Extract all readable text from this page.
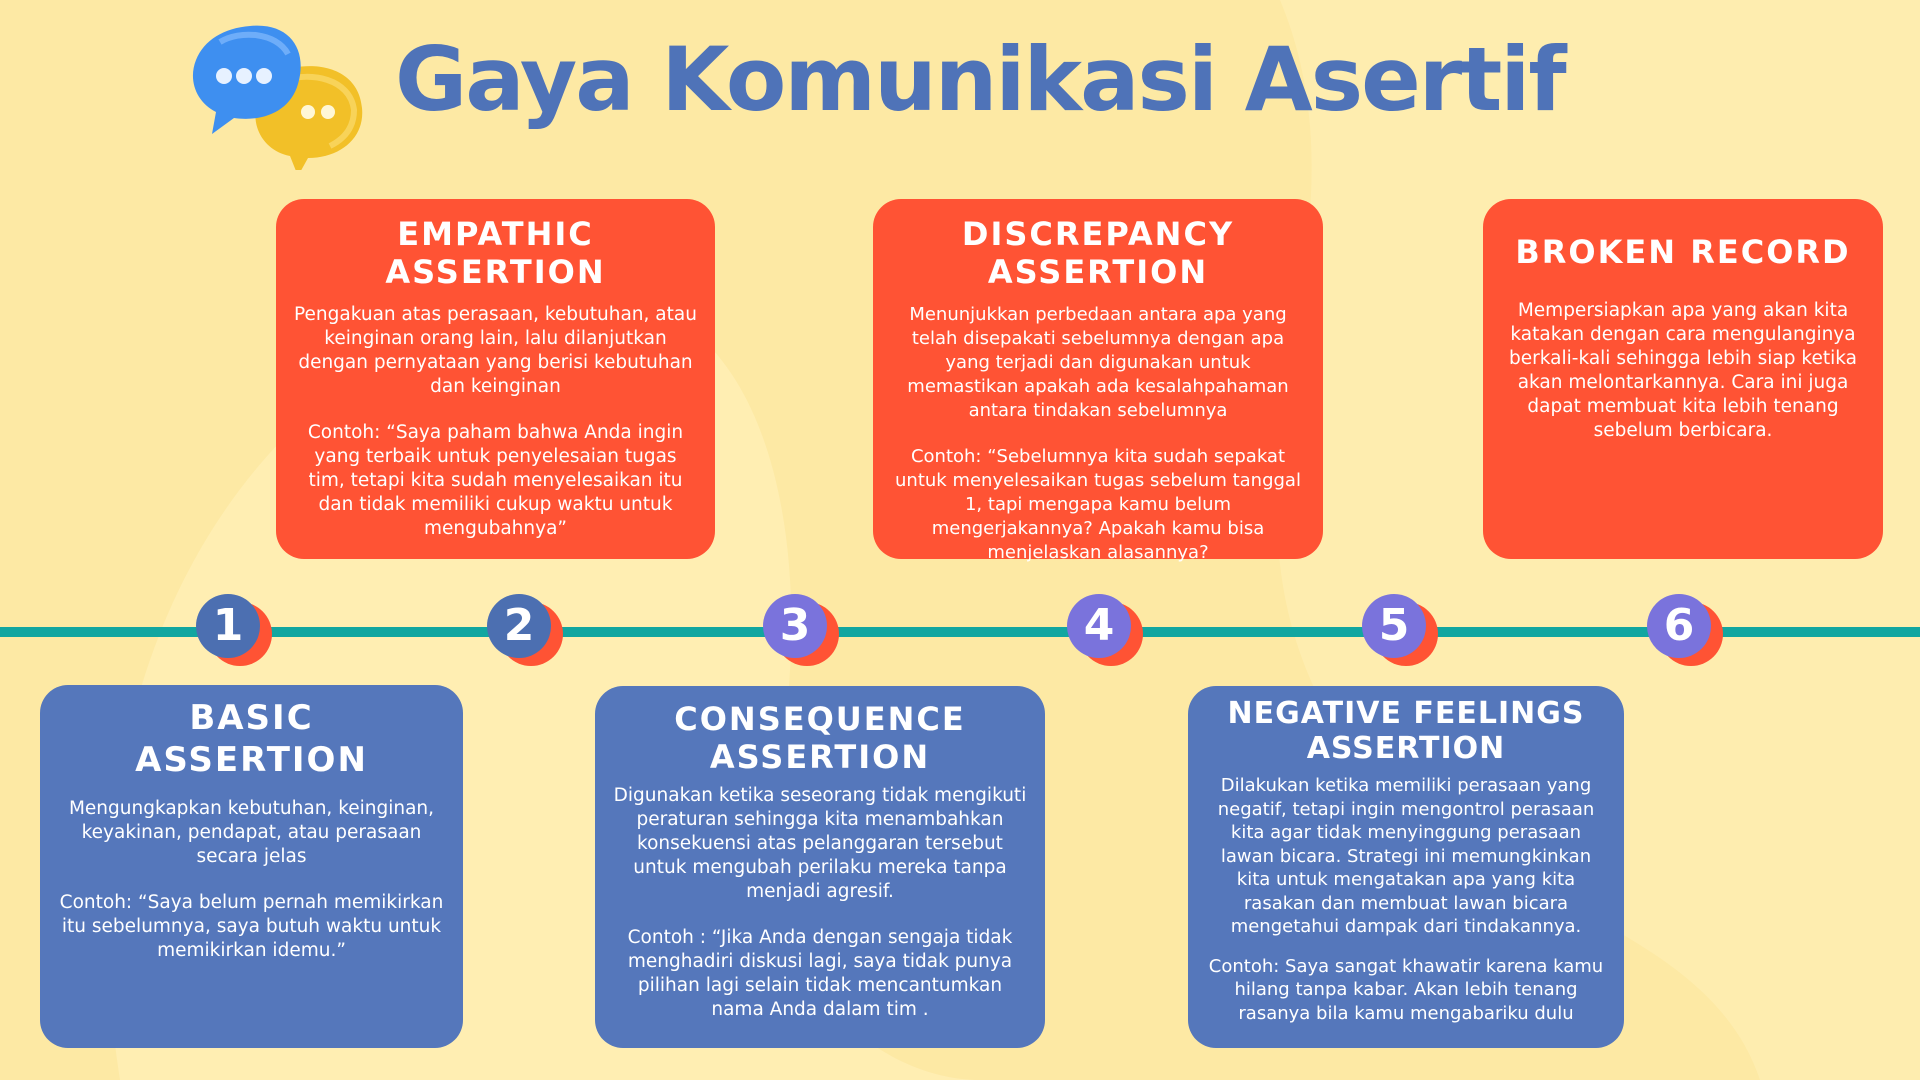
Gaya Komunikasi Asertif
1	2	3	4	5	6
EMPATHIC
ASSERTION

Pengakuan atas perasaan, kebutuhan, atau keinginan orang lain, lalu dilanjutkan dengan pernyataan yang berisi kebutuhan dan keinginan

Contoh: “Saya paham bahwa Anda ingin yang terbaik untuk penyelesaian tugas tim, tetapi kita sudah menyelesaikan itu dan tidak memiliki cukup waktu untuk mengubahnya”

DISCREPANCY
ASSERTION

Menunjukkan perbedaan antara apa yang telah disepakati sebelumnya dengan apa yang terjadi dan digunakan untuk memastikan apakah ada kesalahpahaman antara tindakan sebelumnya

Contoh: “Sebelumnya kita sudah sepakat untuk menyelesaikan tugas sebelum tanggal 1, tapi mengapa kamu belum mengerjakannya? Apakah kamu bisa menjelaskan alasannya?

BROKEN RECORD

Mempersiapkan apa yang akan kita katakan dengan cara mengulanginya berkali-kali sehingga lebih siap ketika akan melontarkannya. Cara ini juga dapat membuat kita lebih tenang sebelum berbicara.

BASIC
ASSERTION

Mengungkapkan kebutuhan, keinginan, keyakinan, pendapat, atau perasaan secara jelas

Contoh: “Saya belum pernah memikirkan itu sebelumnya, saya butuh waktu untuk memikirkan idemu.”

CONSEQUENCE
ASSERTION

Digunakan ketika seseorang tidak mengikuti peraturan sehingga kita menambahkan konsekuensi atas pelanggaran tersebut untuk mengubah perilaku mereka tanpa menjadi agresif.

Contoh : “Jika Anda dengan sengaja tidak menghadiri diskusi lagi, saya tidak punya pilihan lagi selain tidak mencantumkan nama Anda dalam tim .

NEGATIVE FEELINGS
ASSERTION

Dilakukan ketika memiliki perasaan yang negatif, tetapi ingin mengontrol perasaan kita agar tidak menyinggung perasaan lawan bicara. Strategi ini memungkinkan kita untuk mengatakan apa yang kita rasakan dan membuat lawan bicara mengetahui dampak dari tindakannya.

Contoh: Saya sangat khawatir karena kamu hilang tanpa kabar. Akan lebih tenang rasanya bila kamu mengabariku dulu
